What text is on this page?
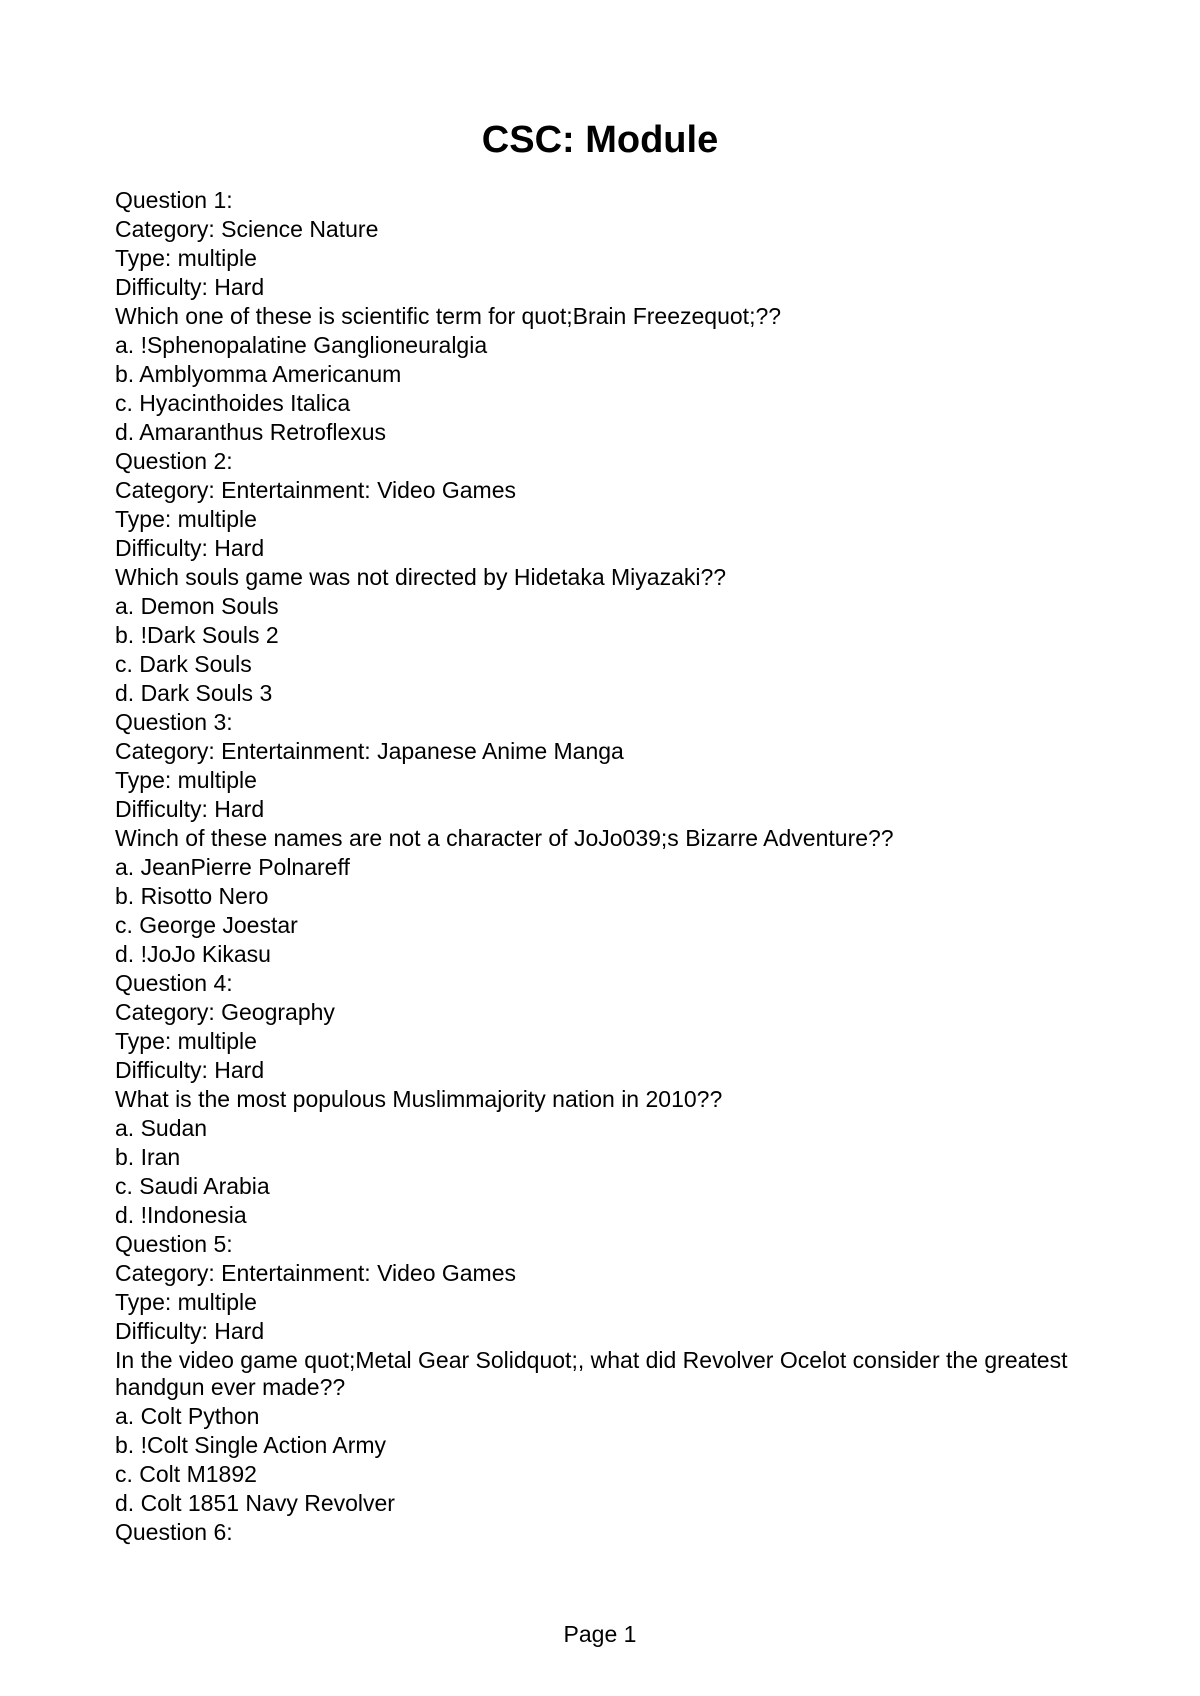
CSC: Module
Question 1:
Category: Science Nature
Type: multiple
Difficulty: Hard
Which one of these is scientific term for quot;Brain Freezequot;??
a. !Sphenopalatine Ganglioneuralgia
b. Amblyomma Americanum
c. Hyacinthoides Italica
d. Amaranthus Retroflexus
Question 2:
Category: Entertainment: Video Games
Type: multiple
Difficulty: Hard
Which souls game was not directed by Hidetaka Miyazaki??
a. Demon Souls
b. !Dark Souls 2
c. Dark Souls
d. Dark Souls 3
Question 3:
Category: Entertainment: Japanese Anime Manga
Type: multiple
Difficulty: Hard
Winch of these names are not a character of JoJo039;s Bizarre Adventure??
a. JeanPierre Polnareff
b. Risotto Nero
c. George Joestar
d. !JoJo Kikasu
Question 4:
Category: Geography
Type: multiple
Difficulty: Hard
What is the most populous Muslimmajority nation in 2010??
a. Sudan
b. Iran
c. Saudi Arabia
d. !Indonesia
Question 5:
Category: Entertainment: Video Games
Type: multiple
Difficulty: Hard
In the video game quot;Metal Gear Solidquot;, what did Revolver Ocelot consider the greatest handgun ever made??
a. Colt Python
b. !Colt Single Action Army
c. Colt M1892
d. Colt 1851 Navy Revolver
Question 6:
Page 1
